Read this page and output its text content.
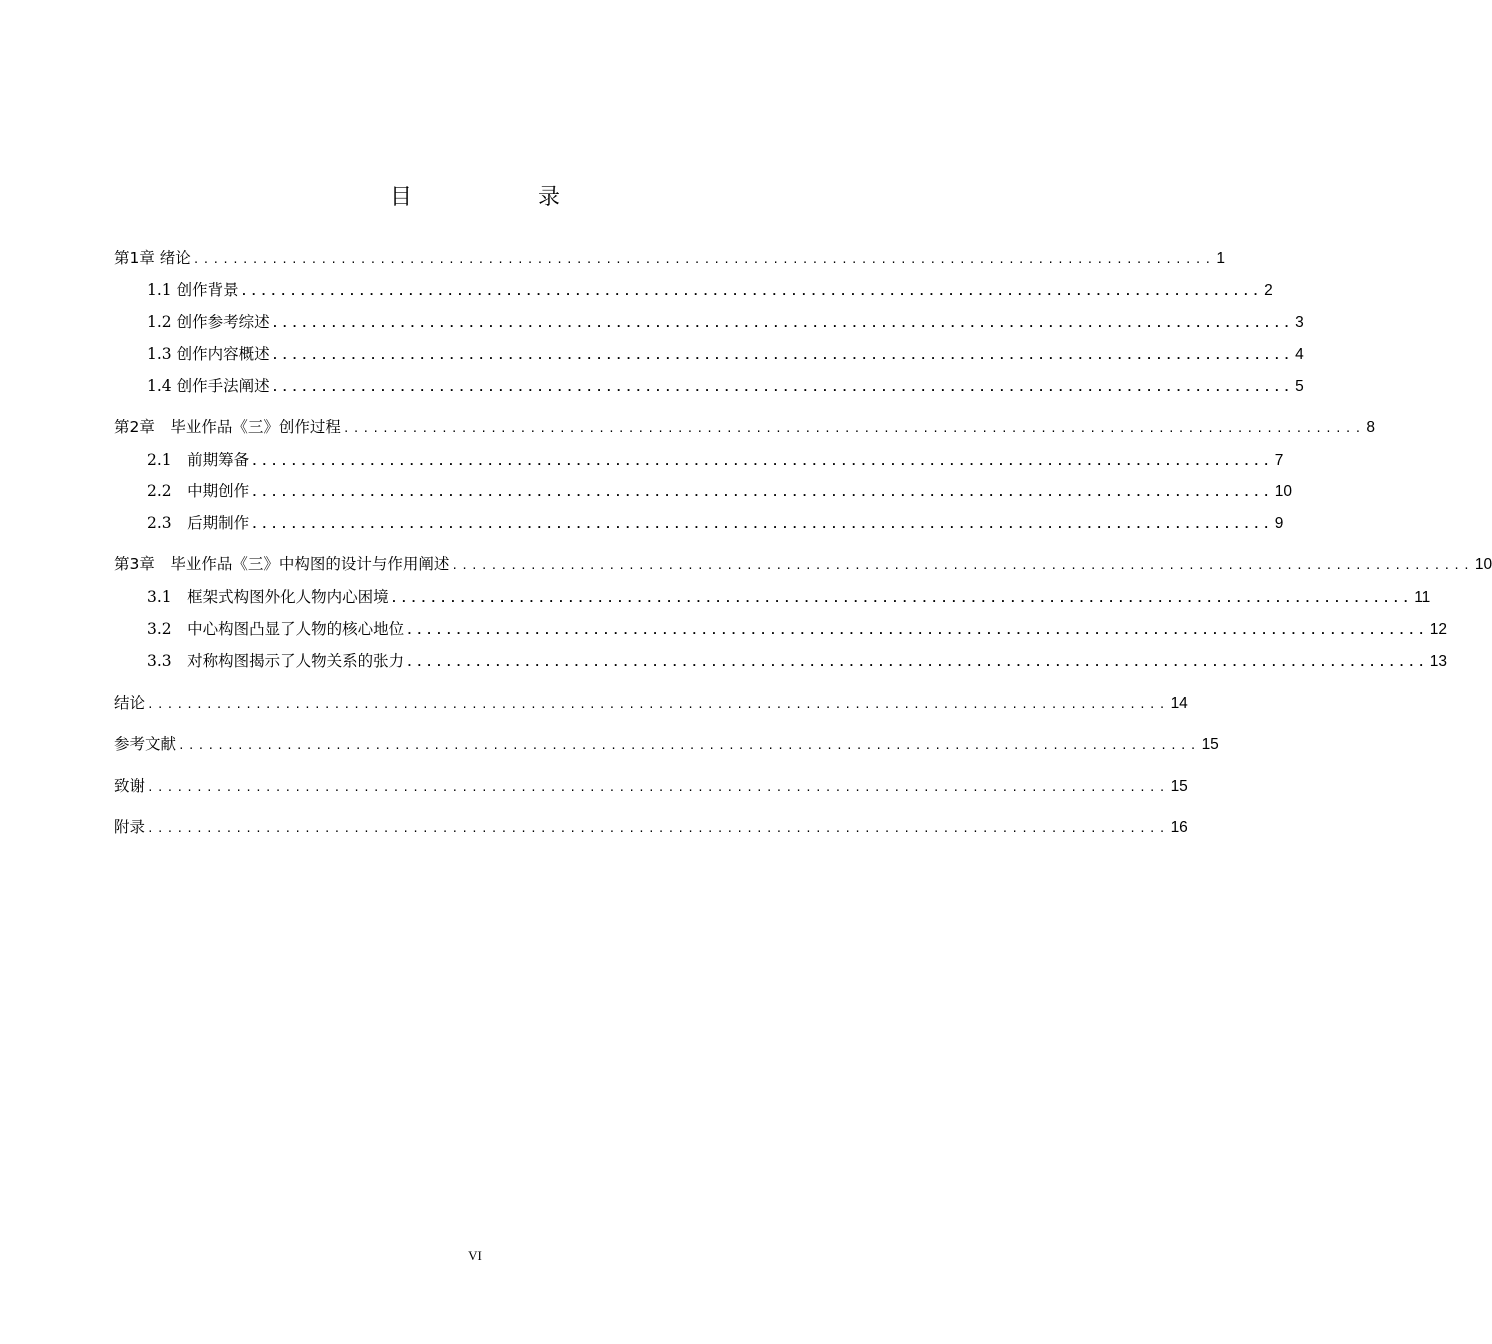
目　录
第1章 绪论 ........................................................................................................ 1
1.1 创作背景 ........................................................................................................ 2
1.2 创作参考综述 ........................................................................................................ 3
1.3 创作内容概述 ........................................................................................................ 4
1.4 创作手法阐述 ........................................................................................................ 5
第2章　毕业作品《三》创作过程 ........................................................................................................ 8
2.1　前期筹备 ........................................................................................................ 7
2.2　中期创作 ........................................................................................................ 10
2.3　后期制作 ........................................................................................................ 9
第3章　毕业作品《三》中构图的设计与作用阐述 ........................................................................................................ 10
3.1　框架式构图外化人物内心困境 ........................................................................................................ 11
3.2　中心构图凸显了人物的核心地位 ........................................................................................................ 12
3.3　对称构图揭示了人物关系的张力 ........................................................................................................ 13
结论 ........................................................................................................ 14
参考文献 ........................................................................................................ 15
致谢 ........................................................................................................ 15
附录 ........................................................................................................ 16
VI
